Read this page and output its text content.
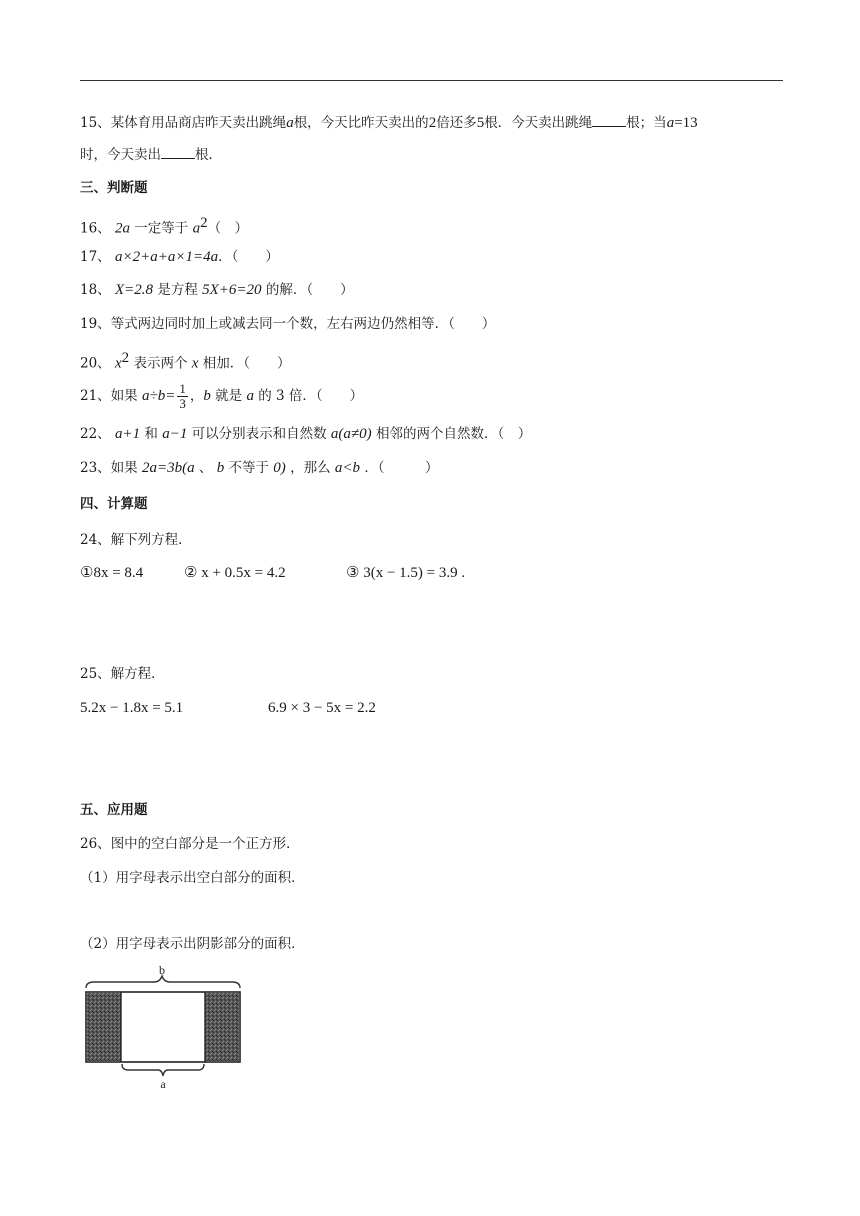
15、某体育用品商店昨天卖出跳绳a根，今天比昨天卖出的2倍还多5根．今天卖出跳绳	根；当a=13
时，今天卖出	根．
三、判断题
16、 2a 一定等于 $a^2$（　）
17、 a×2+a+a×1=4a．（　　）
18、 X=2.8 是方程 5X+6=20 的解．（　　）
19、等式两边同时加上或减去同一个数，左右两边仍然相等．（　　）
20、 $x^2$ 表示两个 x 相加．（　　）
21、如果 $a\div b= \frac{1}{3}$ ，b 就是 a 的 3 倍．（　　）
22、 a+1 和 a−1 可以分别表示和自然数 a(a≠0) 相邻的两个自然数．（　）
23、如果 2a=3b(a 、 b 不等于 0) ，那么 a<b ．（　　　）
四、计算题
24、解下列方程．
①8x = 8.4	② x + 0.5x = 4.2	③ 3(x − 1.5) = 3.9 .
25、解方程．
5.2x − 1.8x = 5.1	6.9 × 3 − 5x = 2.2
五、应用题
26、图中的空白部分是一个正方形．
（1）用字母表示出空白部分的面积．
（2）用字母表示出阴影部分的面积．
b
a
